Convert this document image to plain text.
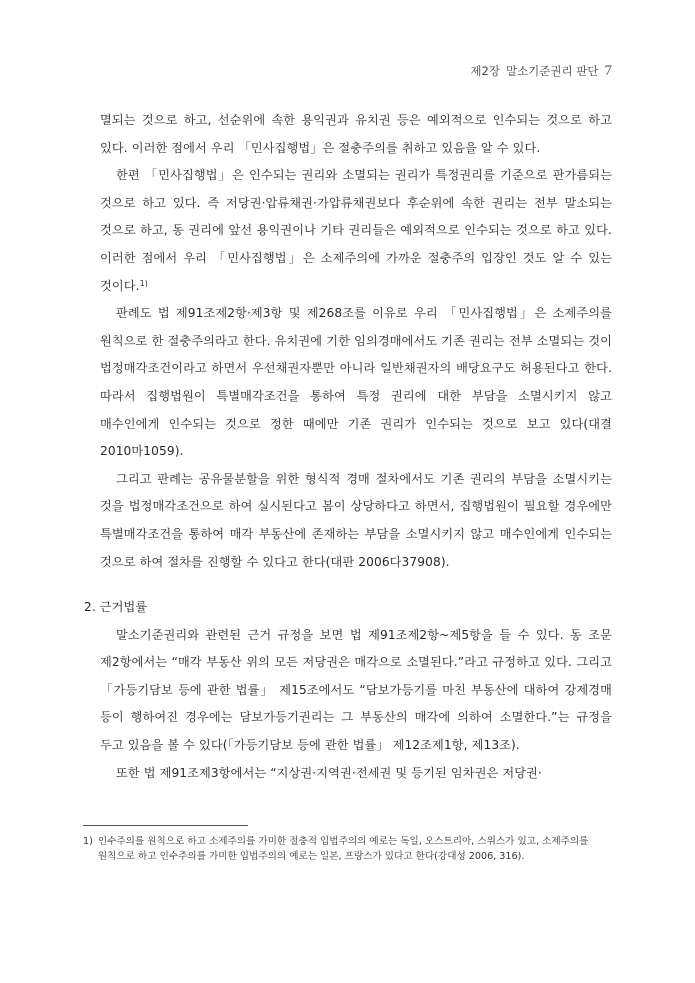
제2장 말소기준권리 판단 7

멸되는 것으로 하고, 선순위에 속한 용익권과 유치권 등은 예외적으로 인수되는 것으로 하고 있다. 이러한 점에서 우리 「민사집행법」은 절충주의를 취하고 있음을 알 수 있다.

한편 「민사집행법」은 인수되는 권리와 소멸되는 권리가 특정권리를 기준으로 판가름되는 것으로 하고 있다. 즉 저당권·압류채권·가압류채권보다 후순위에 속한 권리는 전부 말소되는 것으로 하고, 동 권리에 앞선 용익권이나 기타 권리들은 예외적으로 인수되는 것으로 하고 있다. 이러한 점에서 우리 「민사집행법」은 소제주의에 가까운 절충주의 입장인 것도 알 수 있는 것이다.$^{1)}$

판례도 법 제91조제2항·제3항 및 제268조를 이유로 우리 「민사집행법」은 소제주의를 원칙으로 한 절충주의라고 한다. 유치권에 기한 임의경매에서도 기존 권리는 전부 소멸되는 것이 법정매각조건이라고 하면서 우선채권자뿐만 아니라 일반채권자의 배당요구도 허용된다고 한다. 따라서 집행법원이 특별매각조건을 통하여 특정 권리에 대한 부담을 소멸시키지 않고 매수인에게 인수되는 것으로 정한 때에만 기존 권리가 인수되는 것으로 보고 있다(대결 2010마1059).

그리고 판례는 공유물분할을 위한 형식적 경매 절차에서도 기존 권리의 부담을 소멸시키는 것을 법정매각조건으로 하여 실시된다고 봄이 상당하다고 하면서, 집행법원이 필요할 경우에만 특별매각조건을 통하여 매각 부동산에 존재하는 부담을 소멸시키지 않고 매수인에게 인수되는 것으로 하여 절차를 진행할 수 있다고 한다(대판 2006다37908).

2. 근거법률

말소기준권리와 관련된 근거 규정을 보면 법 제91조제2항~제5항을 들 수 있다. 동 조문 제2항에서는 “매각 부동산 위의 모든 저당권은 매각으로 소멸된다.”라고 규정하고 있다. 그리고 「가등기담보 등에 관한 법률」 제15조에서도 “담보가등기를 마친 부동산에 대하여 강제경매 등이 행하여진 경우에는 담보가등기권리는 그 부동산의 매각에 의하여 소멸한다.”는 규정을 두고 있음을 볼 수 있다(「가등기담보 등에 관한 법률」 제12조제1항, 제13조).

또한 법 제91조제3항에서는 “지상권·지역권·전세권 및 등기된 임차권은 저당권·

1) 인수주의를 원칙으로 하고 소제주의를 가미한 절충적 입법주의의 예로는 독일, 오스트리아, 스위스가 있고, 소제주의를 원칙으로 하고 인수주의를 가미한 입법주의의 예로는 일본, 프랑스가 있다고 한다(강대성 2006, 316).
